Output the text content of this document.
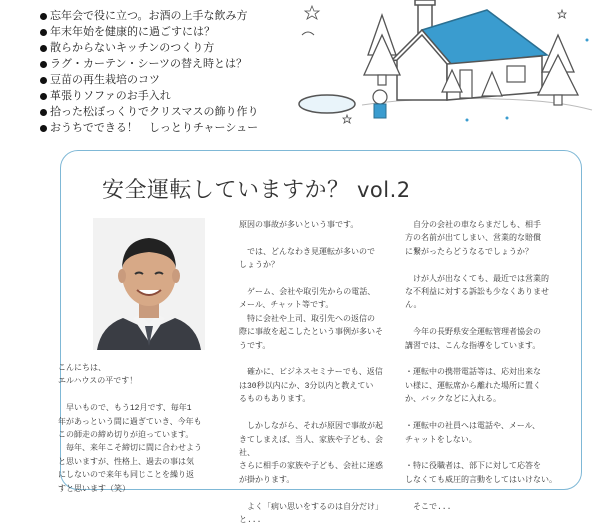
忘年会で役に立つ。お酒の上手な飲み方
年末年始を健康的に過ごすには？
散らからないキッチンのつくり方
ラグ・カーテン・シーツの替え時とは？
豆苗の再生栽培のコツ
革張りソファのお手入れ
拾った松ぼっくりでクリスマスの飾り作り
おうちでできる！　しっとりチャーシュー
安全運転していますか？ vol.2
こんにちは、
エルハウスの平です！

　早いもので、もう12月です、毎年1
年があっという間に過ぎていき、今年も
この師走の締め切りが迫っています。
　毎年、来年こそ締切に間に合わせよう
と思いますが、性格上、過去の事は気
にしないので来年も同じことを繰り返
すと思います（笑）
原因の事故が多いという事です。

　では、どんなわき見運転が多いので
しょうか？

　ゲーム、会社や取引先からの電話、
メール、チャット等です。
　特に会社や上司、取引先への返信の
際に事故を起こしたという事例が多いそ
うです。

　確かに、ビジネスセミナーでも、返信
は30秒以内にか、3分以内と教えてい
るものもあります。

　しかしながら、それが原因で事故が起
きてしまえば、当人、家族や子ども、会社、
さらに相手の家族や子ども、会社に迷惑
が掛かります。

　よく「病い思いをするのは自分だけ」
と...
　自分の会社の車ならまだしも、相手
方の名前が出てしまい、営業的な賠償
に繋がったらどうなるでしょうか？

　けが人が出なくても、最近では営業的
な不利益に対する訴訟も少なくありませ
ん。

　今年の長野県安全運転管理者協会の
講習では、こんな指導をしています。

・運転中の携帯電話等は、応対出来な
い様に、運転席から離れた場所に置く
か、バックなどに入れる。

・運転中の社員へは電話や、メール、
チャットをしない。

・特に役職者は、部下に対して応答を
しなくても威圧的言動をしてはいけない。

　そこで...
